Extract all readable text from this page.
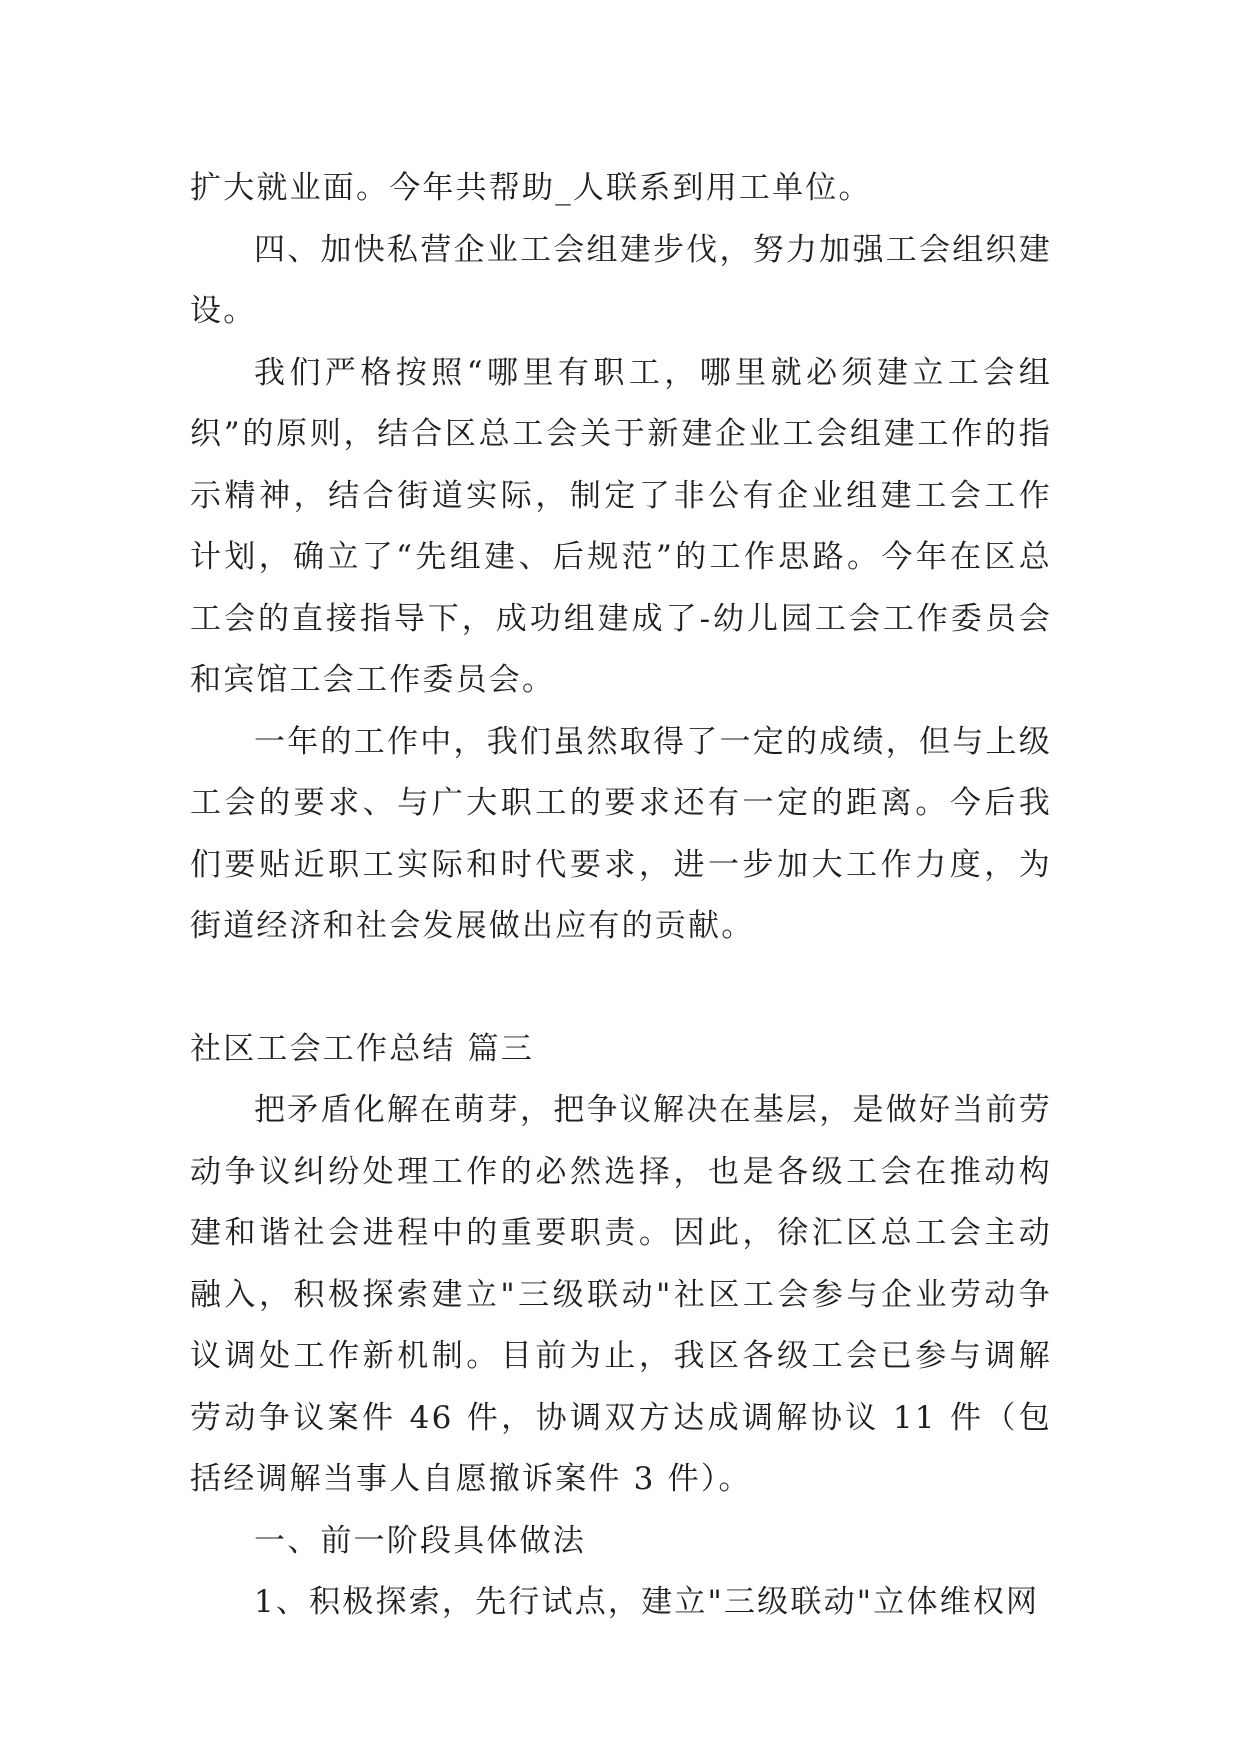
扩大就业面。今年共帮助_人联系到用工单位。

四、加快私营企业工会组建步伐，努力加强工会组织建设。

我们严格按照“哪里有职工，哪里就必须建立工会组织”的原则，结合区总工会关于新建企业工会组建工作的指示精神，结合街道实际，制定了非公有企业组建工会工作计划，确立了“先组建、后规范”的工作思路。今年在区总工会的直接指导下，成功组建成了-幼儿园工会工作委员会和宾馆工会工作委员会。

一年的工作中，我们虽然取得了一定的成绩，但与上级工会的要求、与广大职工的要求还有一定的距离。今后我们要贴近职工实际和时代要求，进一步加大工作力度，为街道经济和社会发展做出应有的贡献。

社区工会工作总结 篇三

把矛盾化解在萌芽，把争议解决在基层，是做好当前劳动争议纠纷处理工作的必然选择，也是各级工会在推动构建和谐社会进程中的重要职责。因此，徐汇区总工会主动融入，积极探索建立"三级联动"社区工会参与企业劳动争议调处工作新机制。目前为止，我区各级工会已参与调解劳动争议案件 46 件，协调双方达成调解协议 11 件（包括经调解当事人自愿撤诉案件 3 件）。

一、前一阶段具体做法

1、积极探索，先行试点，建立"三级联动"立体维权网
